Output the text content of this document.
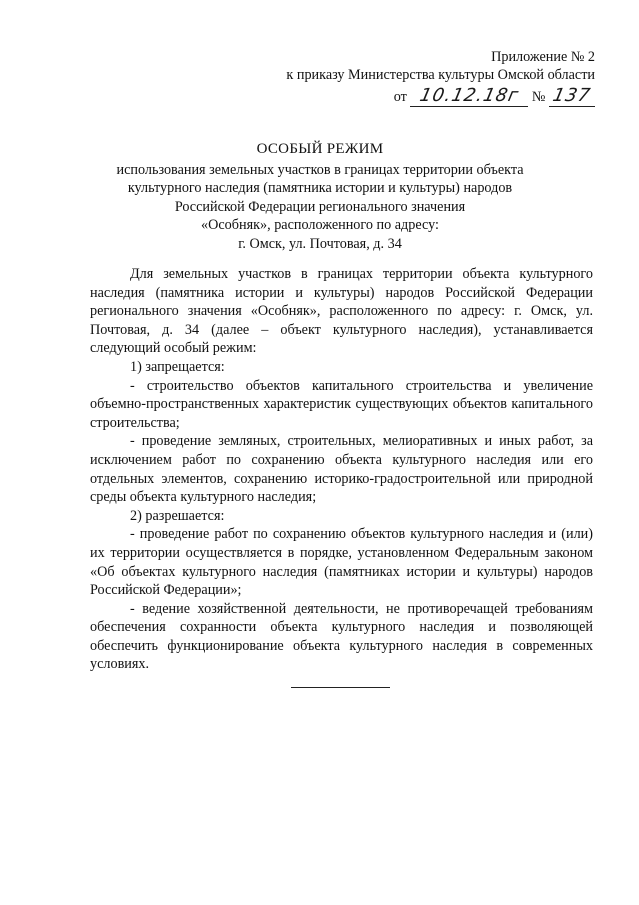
Приложение № 2
к приказу Министерства культуры Омской области
от 10.12.18г № 137
ОСОБЫЙ РЕЖИМ
использования земельных участков в границах территории объекта
культурного наследия (памятника истории и культуры) народов
Российской Федерации регионального значения
«Особняк», расположенного по адресу:
г. Омск, ул. Почтовая, д. 34

Для земельных участков в границах территории объекта культурного наследия (памятника истории и культуры) народов Российской Федерации регионального значения «Особняк», расположенного по адресу: г. Омск, ул. Почтовая, д. 34 (далее – объект культурного наследия), устанавливается следующий особый режим:

1) запрещается:

- строительство объектов капитального строительства и увеличение объемно-пространственных характеристик существующих объектов капитального строительства;

- проведение земляных, строительных, мелиоративных и иных работ, за исключением работ по сохранению объекта культурного наследия или его отдельных элементов, сохранению историко-градостроительной или природной среды объекта культурного наследия;

2) разрешается:

- проведение работ по сохранению объектов культурного наследия и (или) их территории осуществляется в порядке, установленном Федеральным законом «Об объектах культурного наследия (памятниках истории и культуры) народов Российской Федерации»;

- ведение хозяйственной деятельности, не противоречащей требованиям обеспечения сохранности объекта культурного наследия и позволяющей обеспечить функционирование объекта культурного наследия в современных условиях.
